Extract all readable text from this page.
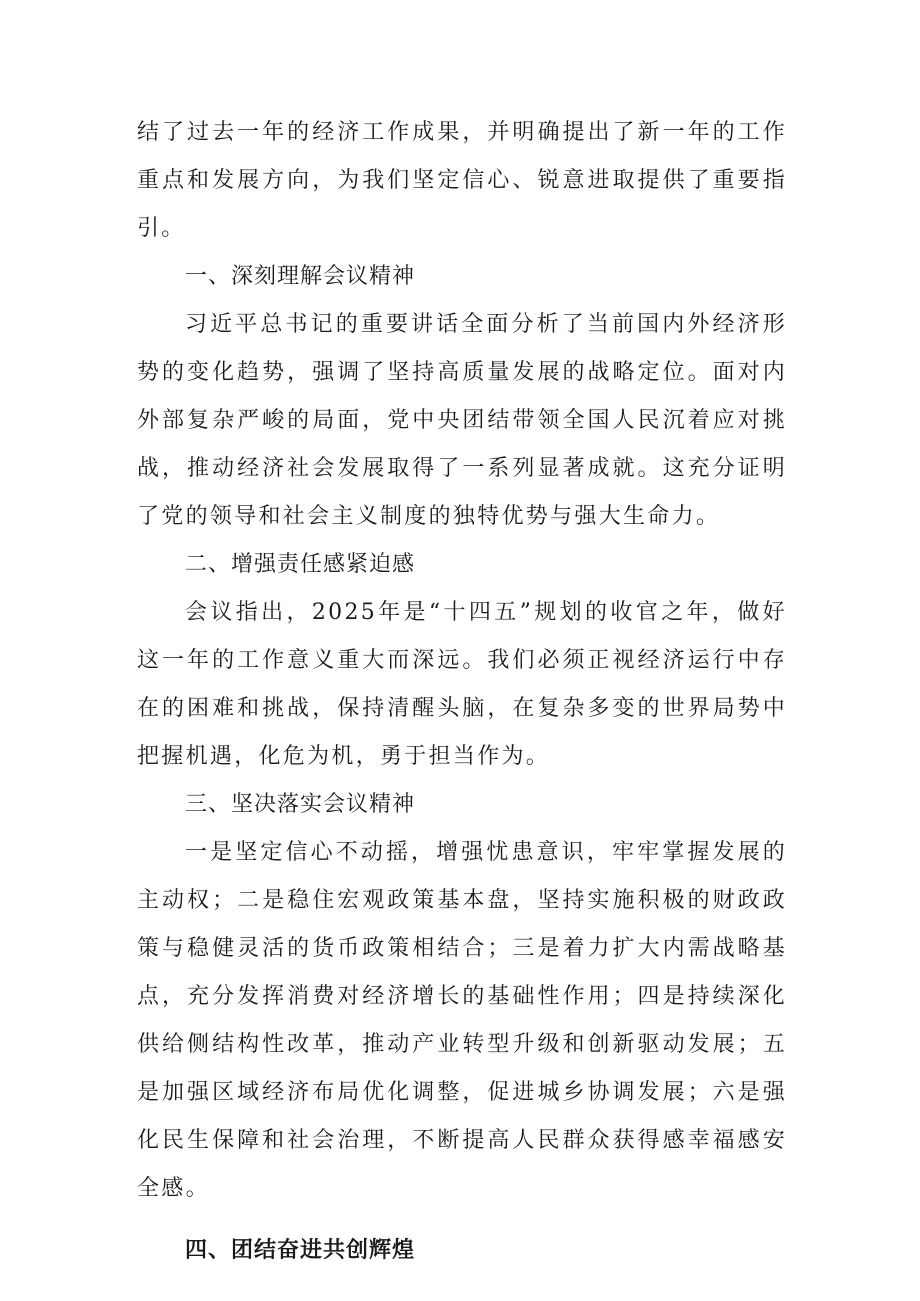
结了过去一年的经济工作成果，并明确提出了新一年的工作重点和发展方向，为我们坚定信心、锐意进取提供了重要指引。

一、深刻理解会议精神

习近平总书记的重要讲话全面分析了当前国内外经济形势的变化趋势，强调了坚持高质量发展的战略定位。面对内外部复杂严峻的局面，党中央团结带领全国人民沉着应对挑战，推动经济社会发展取得了一系列显著成就。这充分证明了党的领导和社会主义制度的独特优势与强大生命力。

二、增强责任感紧迫感

会议指出，2025年是“十四五”规划的收官之年，做好这一年的工作意义重大而深远。我们必须正视经济运行中存在的困难和挑战，保持清醒头脑，在复杂多变的世界局势中把握机遇，化危为机，勇于担当作为。

三、坚决落实会议精神

一是坚定信心不动摇，增强忧患意识，牢牢掌握发展的主动权；二是稳住宏观政策基本盘，坚持实施积极的财政政策与稳健灵活的货币政策相结合；三是着力扩大内需战略基点，充分发挥消费对经济增长的基础性作用；四是持续深化供给侧结构性改革，推动产业转型升级和创新驱动发展；五是加强区域经济布局优化调整，促进城乡协调发展；六是强化民生保障和社会治理，不断提高人民群众获得感幸福感安全感。

四、团结奋进共创辉煌
